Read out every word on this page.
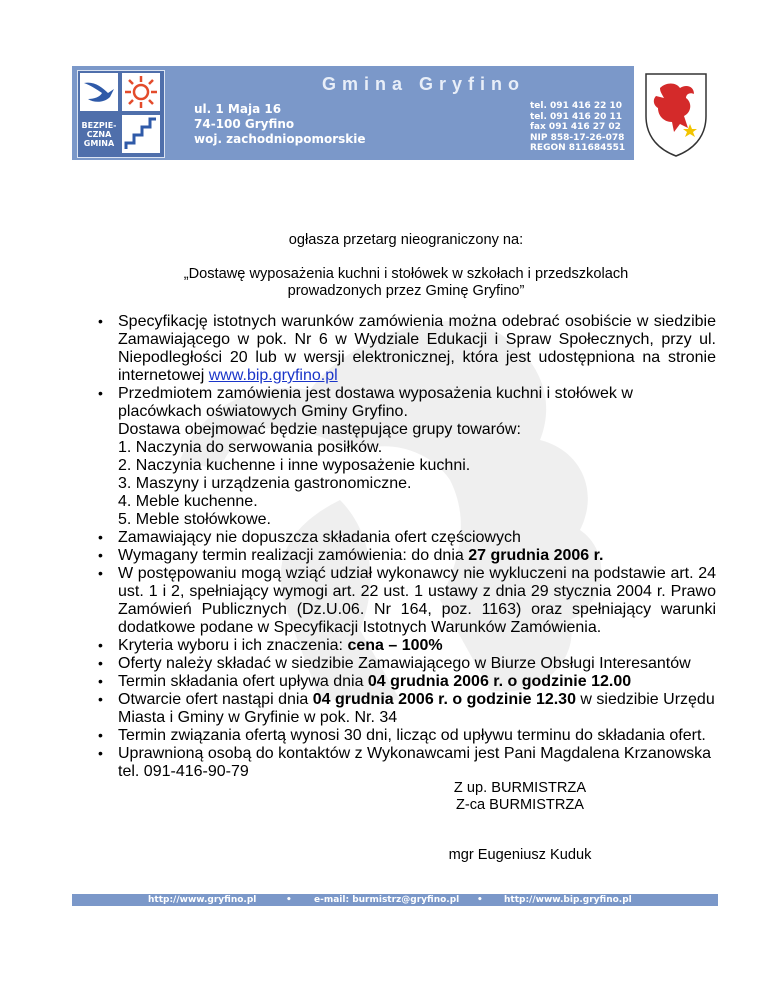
BEZPIE-
CZNA
GMINA
Gmina Gryfino
ul. 1 Maja 16
74-100 Gryfino
woj. zachodniopomorskie
tel. 091 416 22 10
tel. 091 416 20 11
fax 091 416 27 02
NIP 858-17-26-078
REGON 811684551
ogłasza przetarg nieograniczony na:
„Dostawę wyposażenia kuchni i stołówek w szkołach i przedszkolach
prowadzonych przez Gminę Gryfino”
• Specyfikację istotnych warunków zamówienia można odebrać osobiście w siedzibie Zamawiającego w pok. Nr 6 w Wydziale Edukacji i Spraw Społecznych, przy ul. Niepodległości 20 lub w wersji elektronicznej, która jest udostępniona na stronie internetowej www.bip.gryfino.pl
• Przedmiotem zamówienia jest dostawa wyposażenia kuchni i stołówek w placówkach oświatowych Gminy Gryfino.
Dostawa obejmować będzie następujące grupy towarów:
1. Naczynia do serwowania posiłków.
2. Naczynia kuchenne i inne wyposażenie kuchni.
3. Maszyny i urządzenia gastronomiczne.
4. Meble kuchenne.
5. Meble stołówkowe.
• Zamawiający nie dopuszcza składania ofert częściowych
• Wymagany termin realizacji zamówienia: do dnia 27 grudnia 2006 r.
• W postępowaniu mogą wziąć udział wykonawcy nie wykluczeni na podstawie art. 24 ust. 1 i 2, spełniający wymogi art. 22 ust. 1 ustawy z dnia 29 stycznia 2004 r. Prawo Zamówień Publicznych (Dz.U.06. Nr 164, poz. 1163) oraz spełniający warunki dodatkowe podane w Specyfikacji Istotnych Warunków Zamówienia.
• Kryteria wyboru i ich znaczenia: cena – 100%
• Oferty należy składać w siedzibie Zamawiającego w Biurze Obsługi Interesantów
• Termin składania ofert upływa dnia 04 grudnia 2006 r. o godzinie 12.00
• Otwarcie ofert nastąpi dnia 04 grudnia 2006 r. o godzinie 12.30 w siedzibie Urzędu Miasta i Gminy w Gryfinie w pok. Nr. 34
• Termin związania ofertą wynosi 30 dni, licząc od upływu terminu do składania ofert.
• Uprawnioną osobą do kontaktów z Wykonawcami jest Pani Magdalena Krzanowska tel. 091-416-90-79
Z up. BURMISTRZA
Z-ca BURMISTRZA
mgr Eugeniusz Kuduk
http://www.gryfino.pl	• e-mail: burmistrz@gryfino.pl • http://www.bip.gryfino.pl
